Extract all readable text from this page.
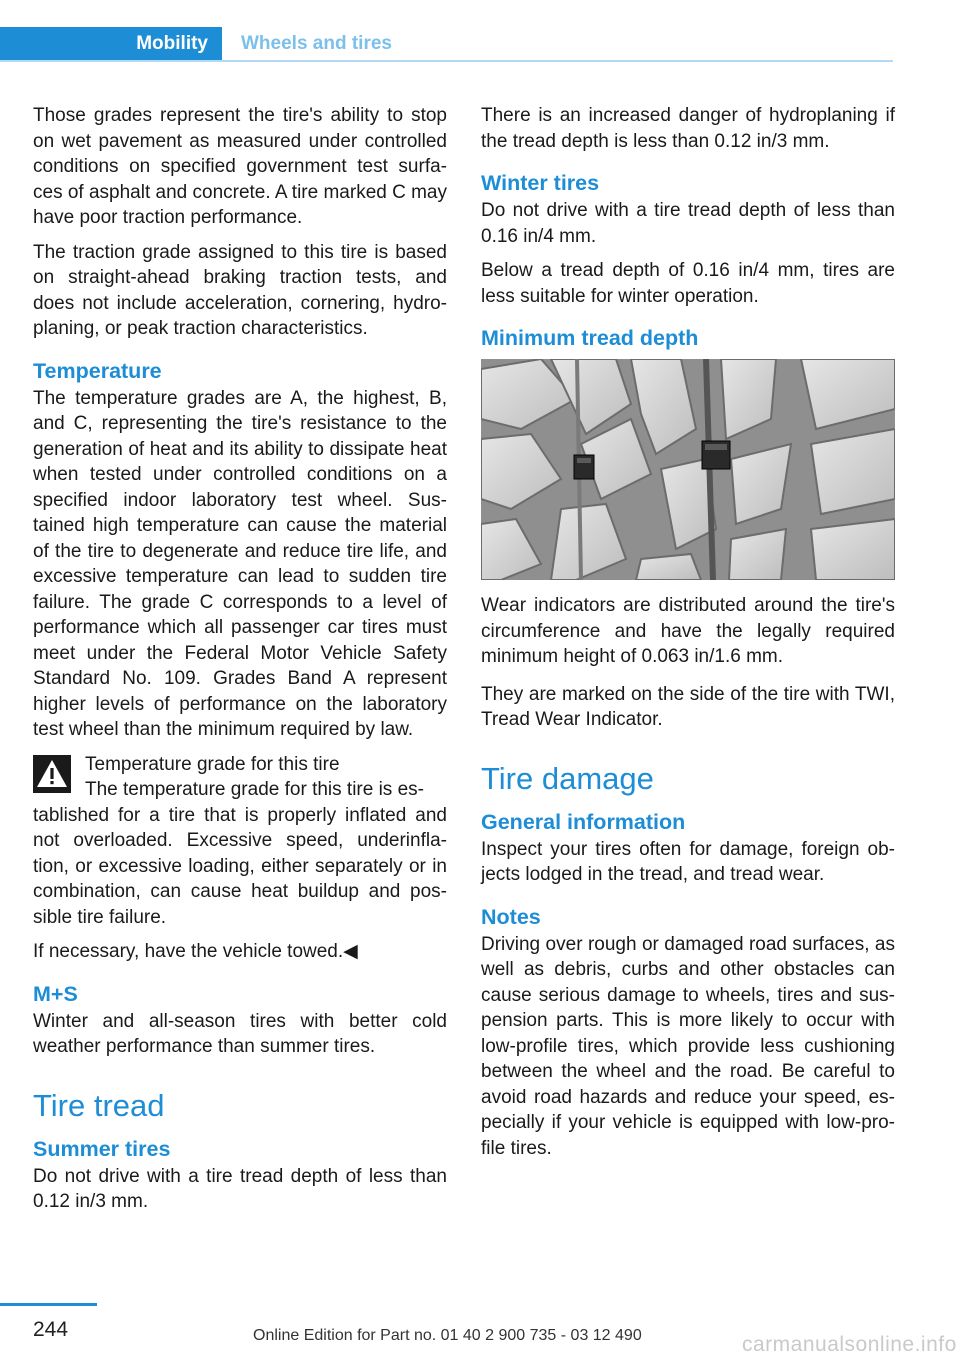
Mobility Wheels and tires

Those grades represent the tire's ability to stop on wet pavement as measured under controlled conditions on specified government test surfa‐ces of asphalt and concrete. A tire marked C may have poor traction performance.

The traction grade assigned to this tire is based on straight-ahead braking traction tests, and does not include acceleration, cornering, hydro‐planing, or peak traction characteristics.

Temperature

The temperature grades are A, the highest, B, and C, representing the tire's resistance to the generation of heat and its ability to dissipate heat when tested under controlled conditions on a specified indoor laboratory test wheel. Sus‐tained high temperature can cause the material of the tire to degenerate and reduce tire life, and excessive temperature can lead to sudden tire failure. The grade C corresponds to a level of performance which all passenger car tires must meet under the Federal Motor Vehicle Safety Standard No. 109. Grades Band A represent higher levels of performance on the laboratory test wheel than the minimum required by law.

Temperature grade for this tire

The temperature grade for this tire is es‐

tablished for a tire that is properly inflated and not overloaded. Excessive speed, underinfla‐tion, or excessive loading, either separately or in combination, can cause heat buildup and pos‐sible tire failure.

If necessary, have the vehicle towed.◀

M+S

Winter and all-season tires with better cold weather performance than summer tires.

Tire tread
Summer tires

Do not drive with a tire tread depth of less than 0.12 in/3 mm.

There is an increased danger of hydroplaning if the tread depth is less than 0.12 in/3 mm.

Winter tires

Do not drive with a tire tread depth of less than 0.16 in/4 mm.

Below a tread depth of 0.16 in/4 mm, tires are less suitable for winter operation.

Minimum tread depth

Wear indicators are distributed around the tire's circumference and have the legally required minimum height of 0.063 in/1.6 mm.

They are marked on the side of the tire with TWI, Tread Wear Indicator.

Tire damage
General information

Inspect your tires often for damage, foreign ob‐jects lodged in the tread, and tread wear.

Notes

Driving over rough or damaged road surfaces, as well as debris, curbs and other obstacles can cause serious damage to wheels, tires and sus‐pension parts. This is more likely to occur with low-profile tires, which provide less cushioning between the wheel and the road. Be careful to avoid road hazards and reduce your speed, es‐pecially if your vehicle is equipped with low-pro‐file tires.

244	Online Edition for Part no. 01 40 2 900 735 - 03 12 490	carmanualsonline.info
